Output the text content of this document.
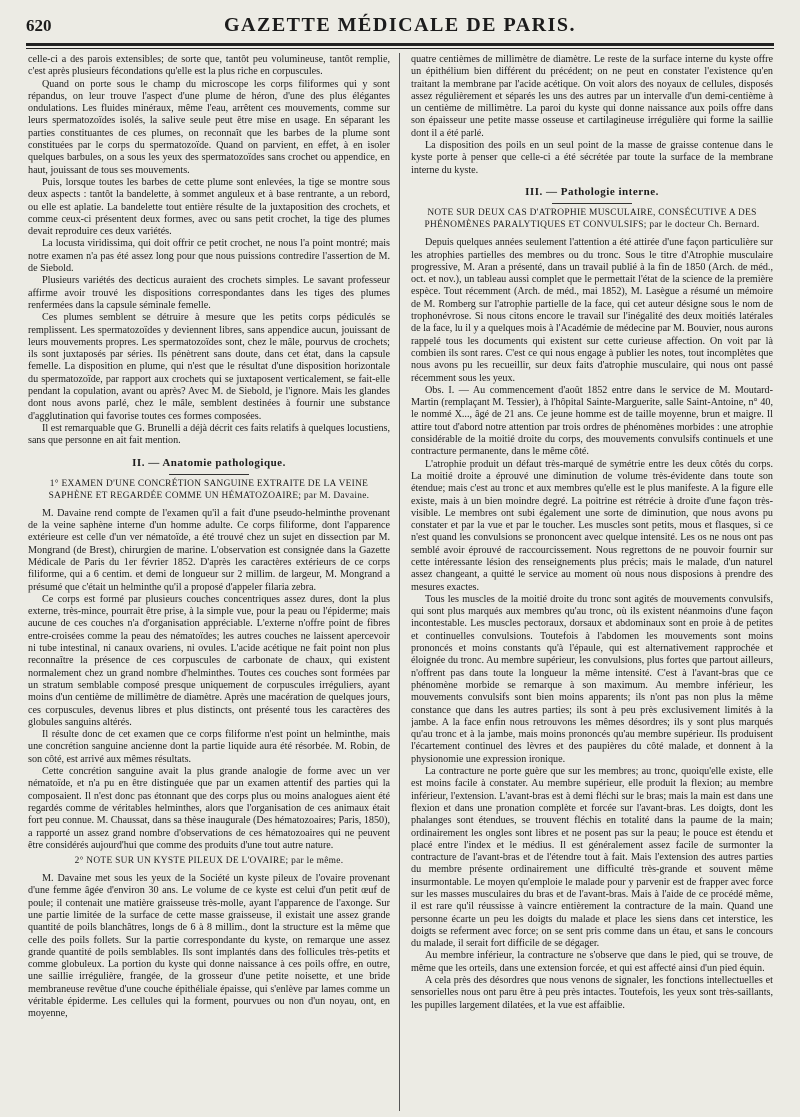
620	GAZETTE MÉDICALE DE PARIS.

celle-ci a des parois extensibles; de sorte que, tantôt peu volumineuse, tantôt remplie, c'est après plusieurs fécondations qu'elle est la plus riche en corpuscules.

Quand on porte sous le champ du microscope les corps filiformes qui y sont répandus, on leur trouve l'aspect d'une plume de héron, d'une des plus élégantes ondulations. Les fluides minéraux, même l'eau, arrêtent ces mouvements, comme sur leurs spermatozoïdes isolés, la salive seule peut être mise en usage. En séparant les parties constituantes de ces plumes, on reconnaît que les barbes de la plume sont constituées par le corps du spermatozoïde. Quand on parvient, en effet, à en isoler quelques barbules, on a sous les yeux des spermatozoïdes sans crochet ou appendice, en haut, jouissant de tous ses mouvements.

Puis, lorsque toutes les barbes de cette plume sont enlevées, la tige se montre sous deux aspects : tantôt la bandelette, à sommet anguleux et à base rentrante, a un rebord, ou elle est aplatie. La bandelette tout entière résulte de la juxtaposition des crochets, et comme ceux-ci présentent deux formes, avec ou sans petit crochet, la tige des plumes devait reproduire ces deux variétés.

La locusta viridissima, qui doit offrir ce petit crochet, ne nous l'a point montré; mais notre examen n'a pas été assez long pour que nous puissions contredire l'assertion de M. de Siebold.

Plusieurs variétés des decticus auraient des crochets simples. Le savant professeur affirme avoir trouvé les dispositions correspondantes dans les tiges des plumes renfermées dans la capsule séminale femelle.

Ces plumes semblent se détruire à mesure que les petits corps pédiculés se remplissent. Les spermatozoïdes y deviennent libres, sans appendice aucun, jouissant de leurs mouvements propres. Les spermatozoïdes sont, chez le mâle, pourvus de crochets; ils sont juxtaposés par séries. Ils pénètrent sans doute, dans cet état, dans la capsule femelle. La disposition en plume, qui n'est que le résultat d'une disposition horizontale du spermatozoïde, par rapport aux crochets qui se juxtaposent verticalement, se fait-elle pendant la copulation, avant ou après? Avec M. de Siebold, je l'ignore. Mais les glandes dont nous avons parlé, chez le mâle, semblent destinées à fournir une substance d'agglutination qui favorise toutes ces formes composées.

Il est remarquable que G. Brunelli a déjà décrit ces faits relatifs à quelques locustiens, sans que personne en ait fait mention.

II. — Anatomie pathologique.
1° EXAMEN D'UNE CONCRÉTION SANGUINE EXTRAITE DE LA VEINE SAPHÈNE ET REGARDÉE COMME UN HÉMATOZOAIRE; par M. Davaine.

M. Davaine rend compte de l'examen qu'il a fait d'une pseudo-helminthe provenant de la veine saphène interne d'un homme adulte. Ce corps filiforme, dont l'apparence extérieure est celle d'un ver nématoïde, a été trouvé chez un sujet en dissection par M. Mongrand (de Brest), chirurgien de marine. L'observation est consignée dans la Gazette Médicale de Paris du 1er février 1852. D'après les caractères extérieurs de ce corps filiforme, qui a 6 centim. et demi de longueur sur 2 millim. de largeur, M. Mongrand a présumé que c'était un helminthe qu'il a proposé d'appeler filaria zebra.

Ce corps est formé par plusieurs couches concentriques assez dures, dont la plus externe, très-mince, pourrait être prise, à la simple vue, pour la peau ou l'épiderme; mais aucune de ces couches n'a d'organisation appréciable. L'externe n'offre point de fibres entre-croisées comme la peau des nématoïdes; les autres couches ne laissent apercevoir ni tube intestinal, ni canaux ovariens, ni ovules. L'acide acétique ne fait point non plus reconnaître la présence de ces corpuscules de carbonate de chaux, qui existent normalement chez un grand nombre d'helminthes. Toutes ces couches sont formées par un stratum semblable composé presque uniquement de corpuscules irréguliers, ayant moins d'un centième de millimètre de diamètre. Après une macération de quelques jours, ces corpuscules, devenus libres et plus distincts, ont présenté tous les caractères des globules sanguins altérés.

Il résulte donc de cet examen que ce corps filiforme n'est point un helminthe, mais une concrétion sanguine ancienne dont la partie liquide aura été résorbée. M. Robin, de son côté, est arrivé aux mêmes résultats.

Cette concrétion sanguine avait la plus grande analogie de forme avec un ver nématoïde, et n'a pu en être distinguée que par un examen attentif des parties qui la composaient. Il n'est donc pas étonnant que des corps plus ou moins analogues aient été regardés comme de véritables helminthes, alors que l'organisation de ces animaux était fort peu connue. M. Chaussat, dans sa thèse inaugurale (Des hématozoaires; Paris, 1850), a rapporté un assez grand nombre d'observations de ces hématozoaires qui ne peuvent être considérés aujourd'hui que comme des produits d'une tout autre nature.

2° NOTE SUR UN KYSTE PILEUX DE L'OVAIRE; par le même.

M. Davaine met sous les yeux de la Société un kyste pileux de l'ovaire provenant d'une femme âgée d'environ 30 ans. Le volume de ce kyste est celui d'un petit œuf de poule; il contenait une matière graisseuse très-molle, ayant l'apparence de l'axonge. Sur une partie limitée de la surface de cette masse graisseuse, il existait une assez grande quantité de poils blanchâtres, longs de 6 à 8 millim., dont la structure est la même que celle des poils follets. Sur la partie correspondante du kyste, on remarque une assez grande quantité de poils semblables. Ils sont implantés dans des follicules très-petits et comme globuleux. La portion du kyste qui donne naissance à ces poils offre, en outre, une saillie irrégulière, frangée, de la grosseur d'une petite noisette, et une bride membraneuse revêtue d'une couche épithéliale épaisse, qui s'enlève par lames comme un véritable épiderme. Les cellules qui la forment, pourvues ou non d'un noyau, ont, en moyenne,

quatre centièmes de millimètre de diamètre. Le reste de la surface interne du kyste offre un épithélium bien différent du précédent; on ne peut en constater l'existence qu'en traitant la membrane par l'acide acétique. On voit alors des noyaux de cellules, disposés assez régulièrement et séparés les uns des autres par un intervalle d'un demi-centième à un centième de millimètre. La paroi du kyste qui donne naissance aux poils offre dans son épaisseur une petite masse osseuse et cartilagineuse irrégulière qui forme la saillie dont il a été parlé.

La disposition des poils en un seul point de la masse de graisse contenue dans le kyste porte à penser que celle-ci a été sécrétée par toute la surface de la membrane interne du kyste.

III. — Pathologie interne.
NOTE SUR DEUX CAS D'ATROPHIE MUSCULAIRE, CONSÉCUTIVE A DES PHÉNOMÈNES PARALYTIQUES ET CONVULSIFS; par le docteur Ch. Bernard.

Depuis quelques années seulement l'attention a été attirée d'une façon particulière sur les atrophies partielles des membres ou du tronc. Sous le titre d'Atrophie musculaire progressive, M. Aran a présenté, dans un travail publié à la fin de 1850 (Arch. de méd., oct. et nov.), un tableau aussi complet que le permettait l'état de la science de la première espèce. Tout récemment (Arch. de méd., mai 1852), M. Lasègue a résumé un mémoire de M. Romberg sur l'atrophie partielle de la face, qui cet auteur désigne sous le nom de trophonévrose. Si nous citons encore le travail sur l'inégalité des deux moitiés latérales de la face, lu il y a quelques mois à l'Académie de médecine par M. Bouvier, nous aurons rappelé tous les documents qui existent sur cette curieuse affection. On voit par là combien ils sont rares. C'est ce qui nous engage à publier les notes, tout incomplètes que nous avons pu les recueillir, sur deux faits d'atrophie musculaire, qui nous ont passé récemment sous les yeux.

Obs. I. — Au commencement d'août 1852 entre dans le service de M. Moutard-Martin (remplaçant M. Tessier), à l'hôpital Sainte-Marguerite, salle Saint-Antoine, n° 40, le nommé X..., âgé de 21 ans. Ce jeune homme est de taille moyenne, brun et maigre. Il attire tout d'abord notre attention par trois ordres de phénomènes morbides : une atrophie considérable de la moitié droite du corps, des mouvements convulsifs continuels et une contracture permanente, dans le même côté.

L'atrophie produit un défaut très-marqué de symétrie entre les deux côtés du corps. La moitié droite a éprouvé une diminution de volume très-évidente dans toute son étendue; mais c'est au tronc et aux membres qu'elle est le plus manifeste. A la figure elle existe, mais à un bien moindre degré. La poitrine est rétrécie à droite d'une façon très-visible. Le membres ont subi également une sorte de diminution, que nous avons pu constater et par la vue et par le toucher. Les muscles sont petits, mous et flasques, si ce n'est quand les convulsions se prononcent avec quelque intensité. Les os ne nous ont pas semblé avoir éprouvé de raccourcissement. Nous regrettons de ne pouvoir fournir sur cette intéressante lésion des renseignements plus précis; mais le malade, d'un naturel assez changeant, a quitté le service au moment où nous nous disposions à prendre des mesures exactes.

Tous les muscles de la moitié droite du tronc sont agités de mouvements convulsifs, qui sont plus marqués aux membres qu'au tronc, où ils existent néanmoins d'une façon incontestable. Les muscles pectoraux, dorsaux et abdominaux sont en proie à de petites et continuelles convulsions. Toutefois à l'abdomen les mouvements sont moins prononcés et moins constants qu'à l'épaule, qui est alternativement rapprochée et éloignée du tronc. Au membre supérieur, les convulsions, plus fortes que partout ailleurs, n'offrent pas dans toute la longueur la même intensité. C'est à l'avant-bras que ce phénomène morbide se remarque à son maximum. Au membre inférieur, les mouvements convulsifs sont bien moins apparents; ils n'ont pas non plus la même constance que dans les autres parties; ils sont à peu près exclusivement limités à la jambe. A la face enfin nous retrouvons les mêmes désordres; ils y sont plus marqués qu'au tronc et à la jambe, mais moins prononcés qu'au membre supérieur. Ils produisent l'écartement continuel des lèvres et des paupières du côté malade, et donnent à la physionomie une expression ironique.

La contracture ne porte guère que sur les membres; au tronc, quoiqu'elle existe, elle est moins facile à constater. Au membre supérieur, elle produit la flexion; au membre inférieur, l'extension. L'avant-bras est à demi fléchi sur le bras; mais la main est dans une flexion et dans une pronation complète et forcée sur l'avant-bras. Les doigts, dont les phalanges sont étendues, se trouvent fléchis en totalité dans la paume de la main; ordinairement les ongles sont libres et ne posent pas sur la peau; le pouce est étendu et placé entre l'index et le médius. Il est généralement assez facile de surmonter la contracture de l'avant-bras et de l'étendre tout à fait. Mais l'extension des autres parties du membre présente ordinairement une difficulté très-grande et souvent même insurmontable. Le moyen qu'emploie le malade pour y parvenir est de frapper avec force sur les masses musculaires du bras et de l'avant-bras. Mais à l'aide de ce procédé même, il est rare qu'il réussisse à vaincre entièrement la contracture de la main. Quand une personne écarte un peu les doigts du malade et place les siens dans cet interstice, les doigts se referment avec force; on se sent pris comme dans un étau, et sans le concours du malade, il serait fort difficile de se dégager.

Au membre inférieur, la contracture ne s'observe que dans le pied, qui se trouve, de même que les orteils, dans une extension forcée, et qui est affecté ainsi d'un pied équin.

A cela près des désordres que nous venons de signaler, les fonctions intellectuelles et sensorielles nous ont paru être à peu près intactes. Toutefois, les yeux sont très-saillants, les pupilles largement dilatées, et la vue est affaiblie.
